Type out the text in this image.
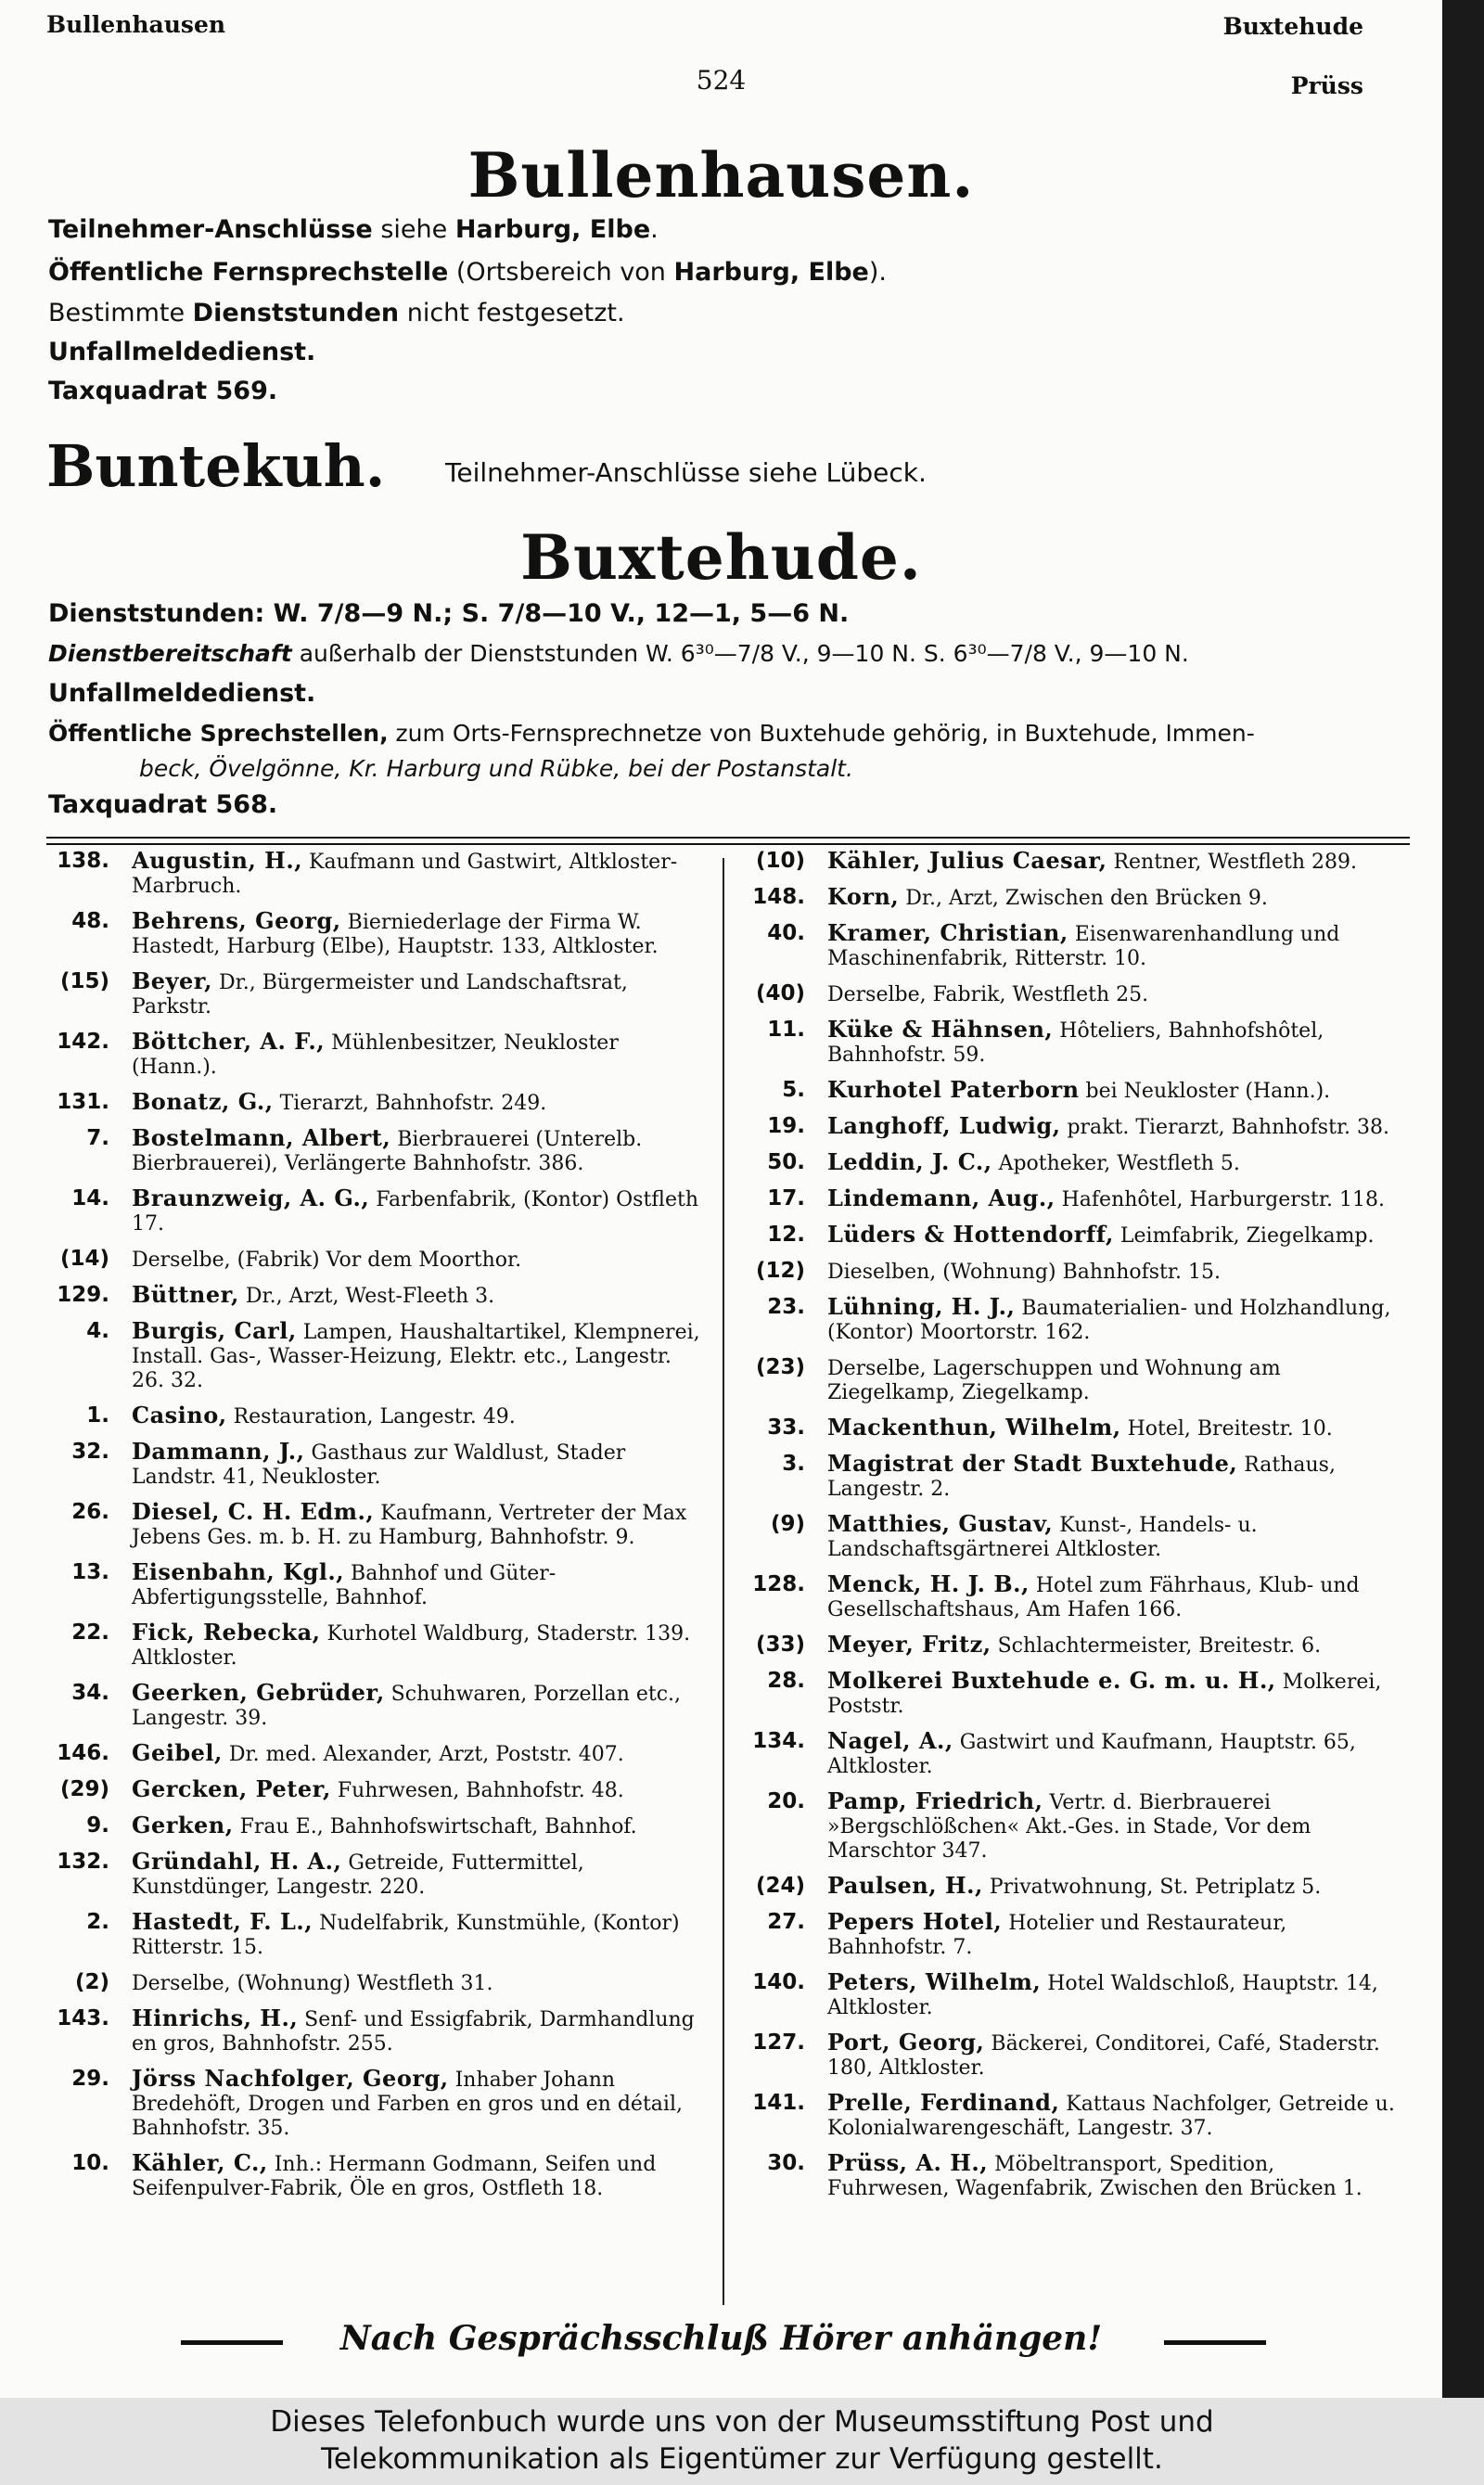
Bullenhausen	Buxtehude
Prüss
524
Bullenhausen.
Teilnehmer-Anschlüsse siehe Harburg, Elbe.
Öffentliche Fernsprechstelle (Ortsbereich von Harburg, Elbe).
Bestimmte Dienststunden nicht festgesetzt.
Unfallmeldedienst.
Taxquadrat 569.
Buntekuh. Teilnehmer-Anschlüsse siehe Lübeck.
Buxtehude.
Dienststunden: W. 7/8—9 N.; S. 7/8—10 V., 12—1, 5—6 N.
Dienstbereitschaft außerhalb der Dienststunden W. 6³⁰—7/8 V., 9—10 N. S. 6³⁰—7/8 V., 9—10 N.
Unfallmeldedienst.
Öffentliche Sprechstellen, zum Orts-Fernsprechnetze von Buxtehude gehörig, in Buxtehude, Immen-
beck, Övelgönne, Kr. Harburg und Rübke, bei der Postanstalt.
Taxquadrat 568.
138. Augustin, H., Kaufmann und Gastwirt, Altkloster-Marbruch.
48. Behrens, Georg, Bierniederlage der Firma W. Hastedt, Harburg (Elbe), Hauptstr. 133, Altkloster.
(15) Beyer, Dr., Bürgermeister und Landschaftsrat, Parkstr.
142. Böttcher, A. F., Mühlenbesitzer, Neukloster (Hann.).
131. Bonatz, G., Tierarzt, Bahnhofstr. 249.
7. Bostelmann, Albert, Bierbrauerei (Unterelb. Bierbrauerei), Verlängerte Bahnhofstr. 386.
14. Braunzweig, A. G., Farbenfabrik, (Kontor) Ostfleth 17.
(14) Derselbe, (Fabrik) Vor dem Moorthor.
129. Büttner, Dr., Arzt, West-Fleeth 3.
4. Burgis, Carl, Lampen, Haushaltartikel, Klempnerei, Install. Gas-, Wasser-Heizung, Elektr. etc., Langestr. 26. 32.
1. Casino, Restauration, Langestr. 49.
32. Dammann, J., Gasthaus zur Waldlust, Stader Landstr. 41, Neukloster.
26. Diesel, C. H. Edm., Kaufmann, Vertreter der Max Jebens Ges. m. b. H. zu Hamburg, Bahnhofstr. 9.
13. Eisenbahn, Kgl., Bahnhof und Güter-Abfertigungsstelle, Bahnhof.
22. Fick, Rebecka, Kurhotel Waldburg, Staderstr. 139. Altkloster.
34. Geerken, Gebrüder, Schuhwaren, Porzellan etc., Langestr. 39.
146. Geibel, Dr. med. Alexander, Arzt, Poststr. 407.
(29) Gercken, Peter, Fuhrwesen, Bahnhofstr. 48.
9. Gerken, Frau E., Bahnhofswirtschaft, Bahnhof.
132. Gründahl, H. A., Getreide, Futtermittel, Kunstdünger, Langestr. 220.
2. Hastedt, F. L., Nudelfabrik, Kunstmühle, (Kontor) Ritterstr. 15.
(2) Derselbe, (Wohnung) Westfleth 31.
143. Hinrichs, H., Senf- und Essigfabrik, Darmhandlung en gros, Bahnhofstr. 255.
29. Jörss Nachfolger, Georg, Inhaber Johann Bredehöft, Drogen und Farben en gros und en détail, Bahnhofstr. 35.
10. Kähler, C., Inh.: Hermann Godmann, Seifen und Seifenpulver-Fabrik, Öle en gros, Ostfleth 18.
(10) Kähler, Julius Caesar, Rentner, Westfleth 289.
148. Korn, Dr., Arzt, Zwischen den Brücken 9.
40. Kramer, Christian, Eisenwarenhandlung und Maschinenfabrik, Ritterstr. 10.
(40) Derselbe, Fabrik, Westfleth 25.
11. Küke & Hähnsen, Hôteliers, Bahnhofshôtel, Bahnhofstr. 59.
5. Kurhotel Paterborn bei Neukloster (Hann.).
19. Langhoff, Ludwig, prakt. Tierarzt, Bahnhofstr. 38.
50. Leddin, J. C., Apotheker, Westfleth 5.
17. Lindemann, Aug., Hafenhôtel, Harburgerstr. 118.
12. Lüders & Hottendorff, Leimfabrik, Ziegelkamp.
(12) Dieselben, (Wohnung) Bahnhofstr. 15.
23. Lühning, H. J., Baumaterialien- und Holzhandlung, (Kontor) Moortorstr. 162.
(23) Derselbe, Lagerschuppen und Wohnung am Ziegelkamp, Ziegelkamp.
33. Mackenthun, Wilhelm, Hotel, Breitestr. 10.
3. Magistrat der Stadt Buxtehude, Rathaus, Langestr. 2.
(9) Matthies, Gustav, Kunst-, Handels- u. Landschaftsgärtnerei Altkloster.
128. Menck, H. J. B., Hotel zum Fährhaus, Klub- und Gesellschaftshaus, Am Hafen 166.
(33) Meyer, Fritz, Schlachtermeister, Breitestr. 6.
28. Molkerei Buxtehude e. G. m. u. H., Molkerei, Poststr.
134. Nagel, A., Gastwirt und Kaufmann, Hauptstr. 65, Altkloster.
20. Pamp, Friedrich, Vertr. d. Bierbrauerei »Bergschlößchen« Akt.-Ges. in Stade, Vor dem Marschtor 347.
(24) Paulsen, H., Privatwohnung, St. Petriplatz 5.
27. Pepers Hotel, Hotelier und Restaurateur, Bahnhofstr. 7.
140. Peters, Wilhelm, Hotel Waldschloß, Hauptstr. 14, Altkloster.
127. Port, Georg, Bäckerei, Conditorei, Café, Staderstr. 180, Altkloster.
141. Prelle, Ferdinand, Kattaus Nachfolger, Getreide u. Kolonialwarengeschäft, Langestr. 37.
30. Prüss, A. H., Möbeltransport, Spedition, Fuhrwesen, Wagenfabrik, Zwischen den Brücken 1.
Nach Gesprächsschluß Hörer anhängen!
Dieses Telefonbuch wurde uns von der Museumsstiftung Post und
Telekommunikation als Eigentümer zur Verfügung gestellt.
